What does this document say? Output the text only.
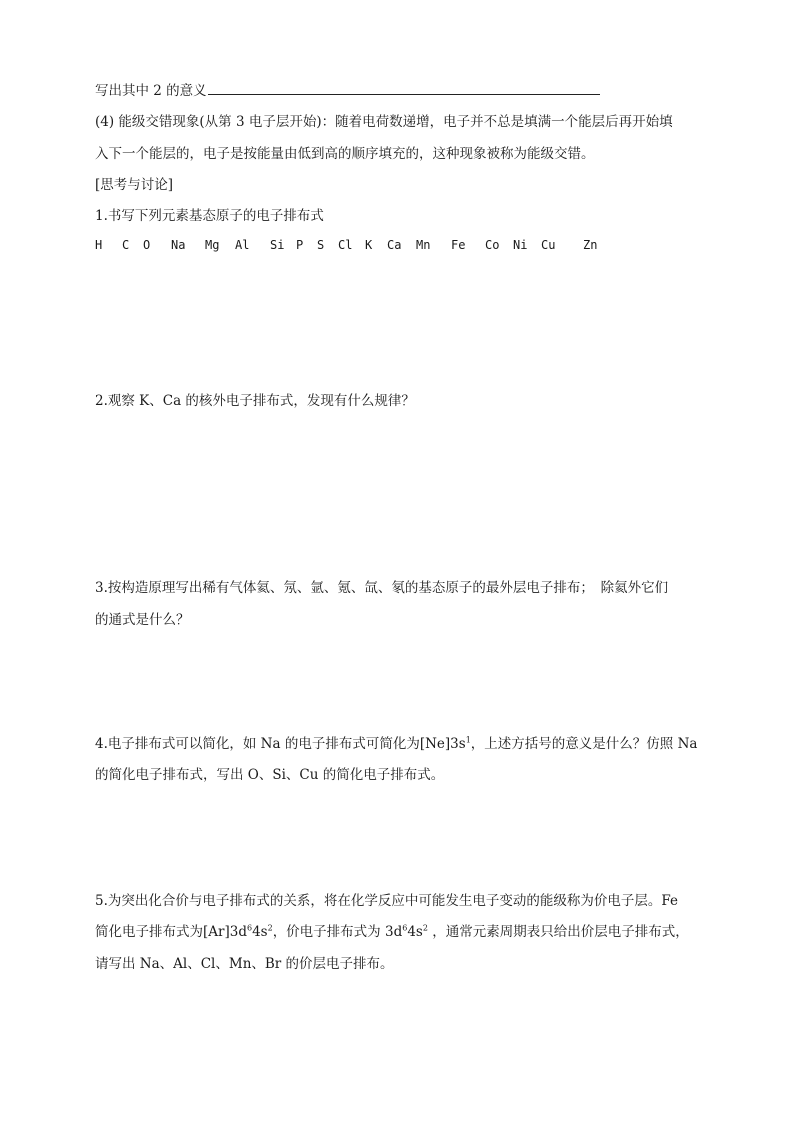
写出其中 2 的意义
(4) 能级交错现象(从第 3 电子层开始)：随着电荷数递增，电子并不总是填满一个能层后再开始填
入下一个能层的，电子是按能量由低到高的顺序填充的，这种现象被称为能级交错。
[思考与讨论]
1.书写下列元素基态原子的电子排布式
H C O Na Mg Al Si P S Cl K Ca Mn Fe Co Ni Cu Zn
2.观察 K、Ca 的核外电子排布式，发现有什么规律？
3.按构造原理写出稀有气体氦、氖、氩、氪、氙、氡的基态原子的最外层电子排布；　除氦外它们
的通式是什么？
4.电子排布式可以简化，如 Na 的电子排布式可简化为$[Ne]3s^1$，上述方括号的意义是什么？仿照 Na
的简化电子排布式，写出 O、Si、Cu 的简化电子排布式。
5.为突出化合价与电子排布式的关系，将在化学反应中可能发生电子变动的能级称为价电子层。Fe
简化电子排布式为$[Ar]3d^64s^2$，价电子排布式为 $3d^64s^2$ ，通常元素周期表只给出价层电子排布式，
请写出 Na、Al、Cl、Mn、Br 的价层电子排布。
